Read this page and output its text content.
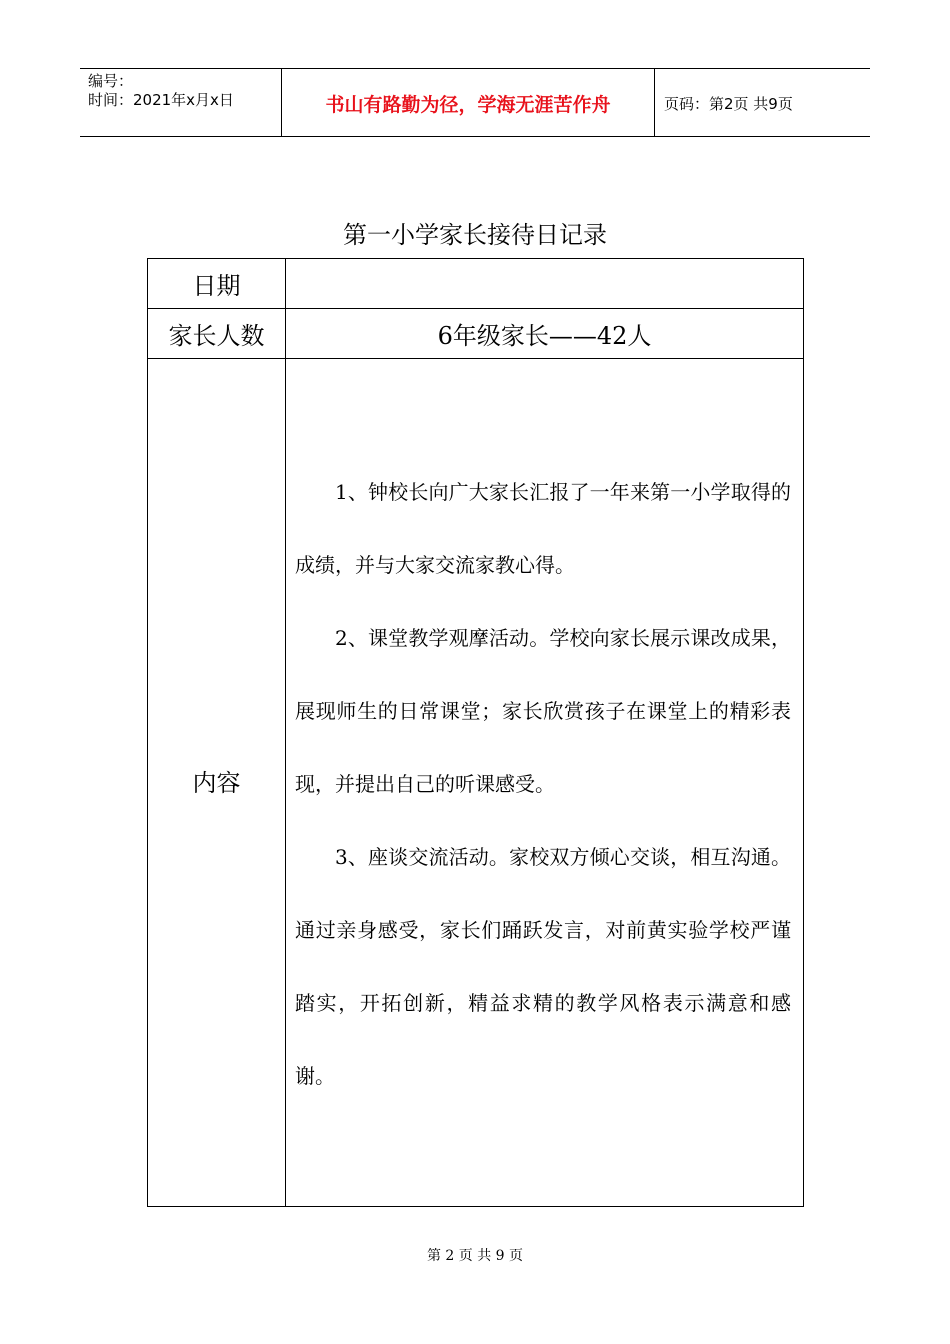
编号：
时间：2021年x月x日	书山有路勤为径，学海无涯苦作舟	页码：第2页 共9页
第一小学家长接待日记录
日期	
家长人数	6年级家长——42人
内容	1、钟校长向广大家长汇报了一年来第一小学取得的成绩，并与大家交流家教心得。

2、课堂教学观摩活动。学校向家长展示课改成果，展现师生的日常课堂；家长欣赏孩子在课堂上的精彩表现，并提出自己的听课感受。

3、座谈交流活动。家校双方倾心交谈，相互沟通。通过亲身感受，家长们踊跃发言，对前黄实验学校严谨踏实，开拓创新，精益求精的教学风格表示满意和感谢。

第 2 页 共 9 页
